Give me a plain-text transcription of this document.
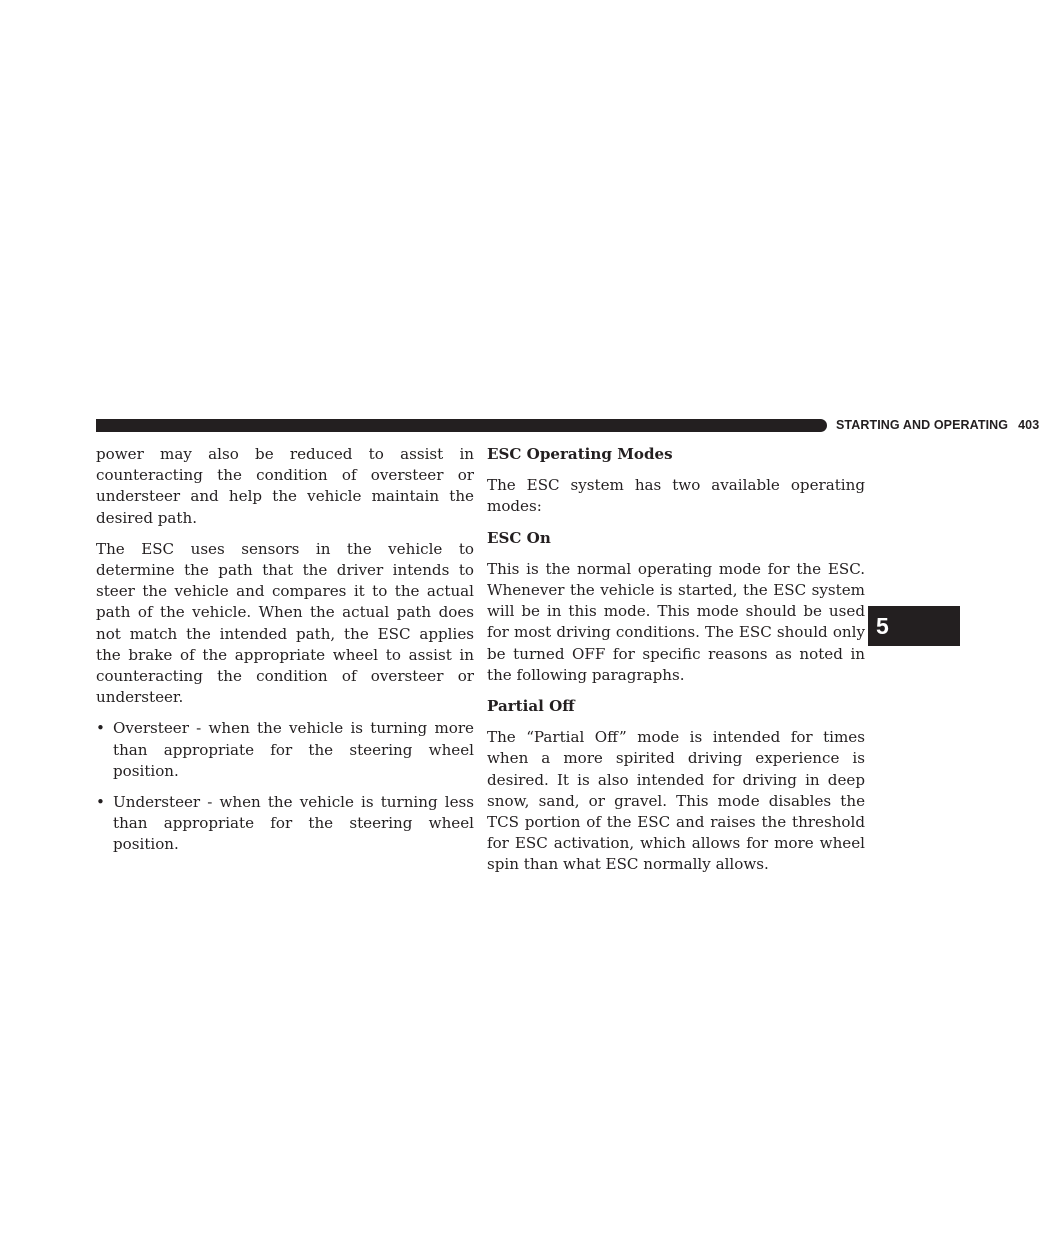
STARTING AND OPERATING 403

power may also be reduced to assist in counteracting the condition of oversteer or understeer and help the vehicle maintain the desired path.

The ESC uses sensors in the vehicle to determine the path that the driver intends to steer the vehicle and compares it to the actual path of the vehicle. When the actual path does not match the intended path, the ESC applies the brake of the appropriate wheel to assist in counteracting the condition of oversteer or understeer.

• Oversteer - when the vehicle is turning more than appropriate for the steering wheel position.
• Understeer - when the vehicle is turning less than appropriate for the steering wheel position.
ESC Operating Modes

The ESC system has two available operating modes:

ESC On

This is the normal operating mode for the ESC. Whenever the vehicle is started, the ESC system will be in this mode. This mode should be used for most driving conditions. The ESC should only be turned OFF for specific reasons as noted in the following paragraphs.

Partial Off

The “Partial Off” mode is intended for times when a more spirited driving experience is desired. It is also intended for driving in deep snow, sand, or gravel. This mode disables the TCS portion of the ESC and raises the threshold for ESC activation, which allows for more wheel spin than what ESC normally allows.

5
